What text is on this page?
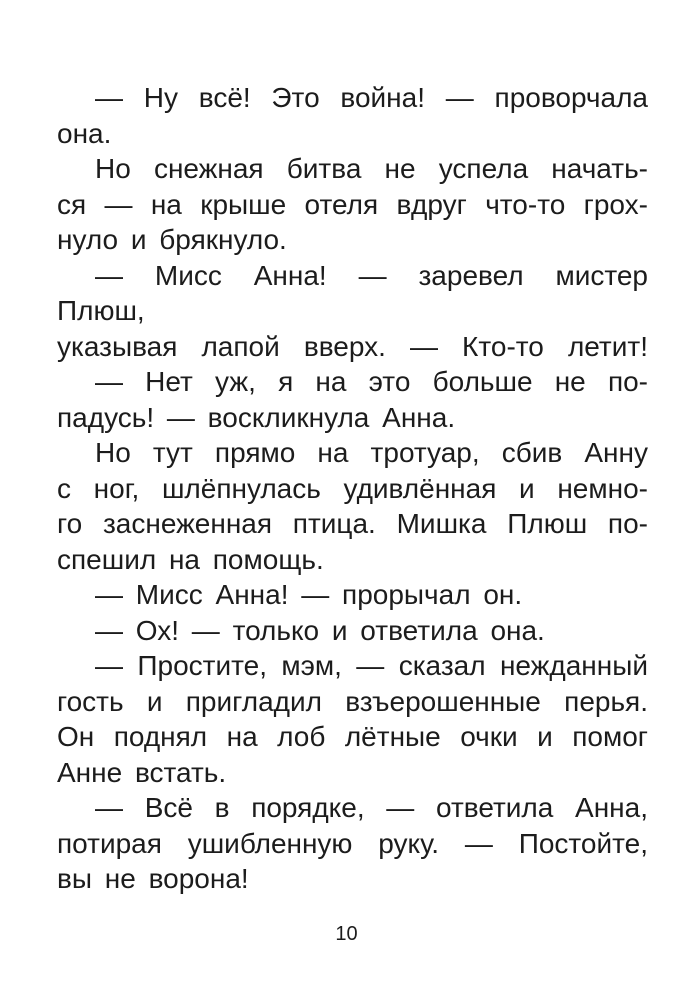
— Ну всё! Это война! — проворчала
она.
Но снежная битва не успела начать-
ся — на крыше отеля вдруг что-то грох-
нуло и брякнуло.
— Мисс Анна! — заревел мистер Плюш,
указывая лапой вверх. — Кто-то летит!
— Нет уж, я на это больше не по-
падусь! — воскликнула Анна.
Но тут прямо на тротуар, сбив Анну
с ног, шлёпнулась удивлённая и немно-
го заснеженная птица. Мишка Плюш по-
спешил на помощь.
— Мисс Анна! — прорычал он.
— Ох! — только и ответила она.
— Простите, мэм, — сказал нежданный
гость и пригладил взъерошенные перья.
Он поднял на лоб лётные очки и помог
Анне встать.
— Всё в порядке, — ответила Анна,
потирая ушибленную руку. — Постойте,
вы не ворона!
10
